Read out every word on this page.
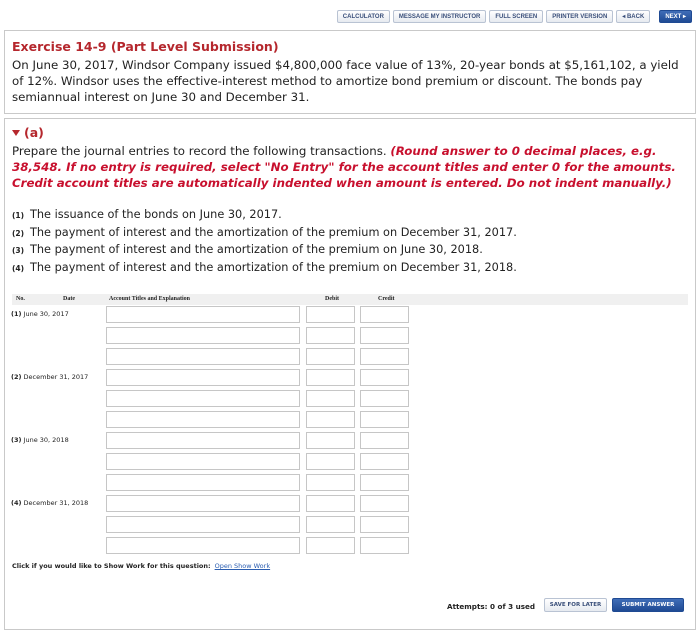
CALCULATOR	MESSAGE MY INSTRUCTOR	FULL SCREEN	PRINTER VERSION	◂ BACK	NEXT ▸
Exercise 14-9 (Part Level Submission)
On June 30, 2017, Windsor Company issued $4,800,000 face value of 13%, 20-year bonds at $5,161,102, a yield of 12%. Windsor uses the effective-interest method to amortize bond premium or discount. The bonds pay semiannual interest on June 30 and December 31.
(a)
Prepare the journal entries to record the following transactions. (Round answer to 0 decimal places, e.g. 38,548. If no entry is required, select "No Entry" for the account titles and enter 0 for the amounts. Credit account titles are automatically indented when amount is entered. Do not indent manually.)
(1) The issuance of the bonds on June 30, 2017.
(2) The payment of interest and the amortization of the premium on December 31, 2017.
(3) The payment of interest and the amortization of the premium on June 30, 2018.
(4) The payment of interest and the amortization of the premium on December 31, 2018.
No.	Date	Account Titles and Explanation	Debit	Credit
(1) June 30, 2017
(2) December 31, 2017
(3) June 30, 2018
(4) December 31, 2018
Click if you would like to Show Work for this question: Open Show Work
Attempts: 0 of 3 used	SAVE FOR LATER	SUBMIT ANSWER
